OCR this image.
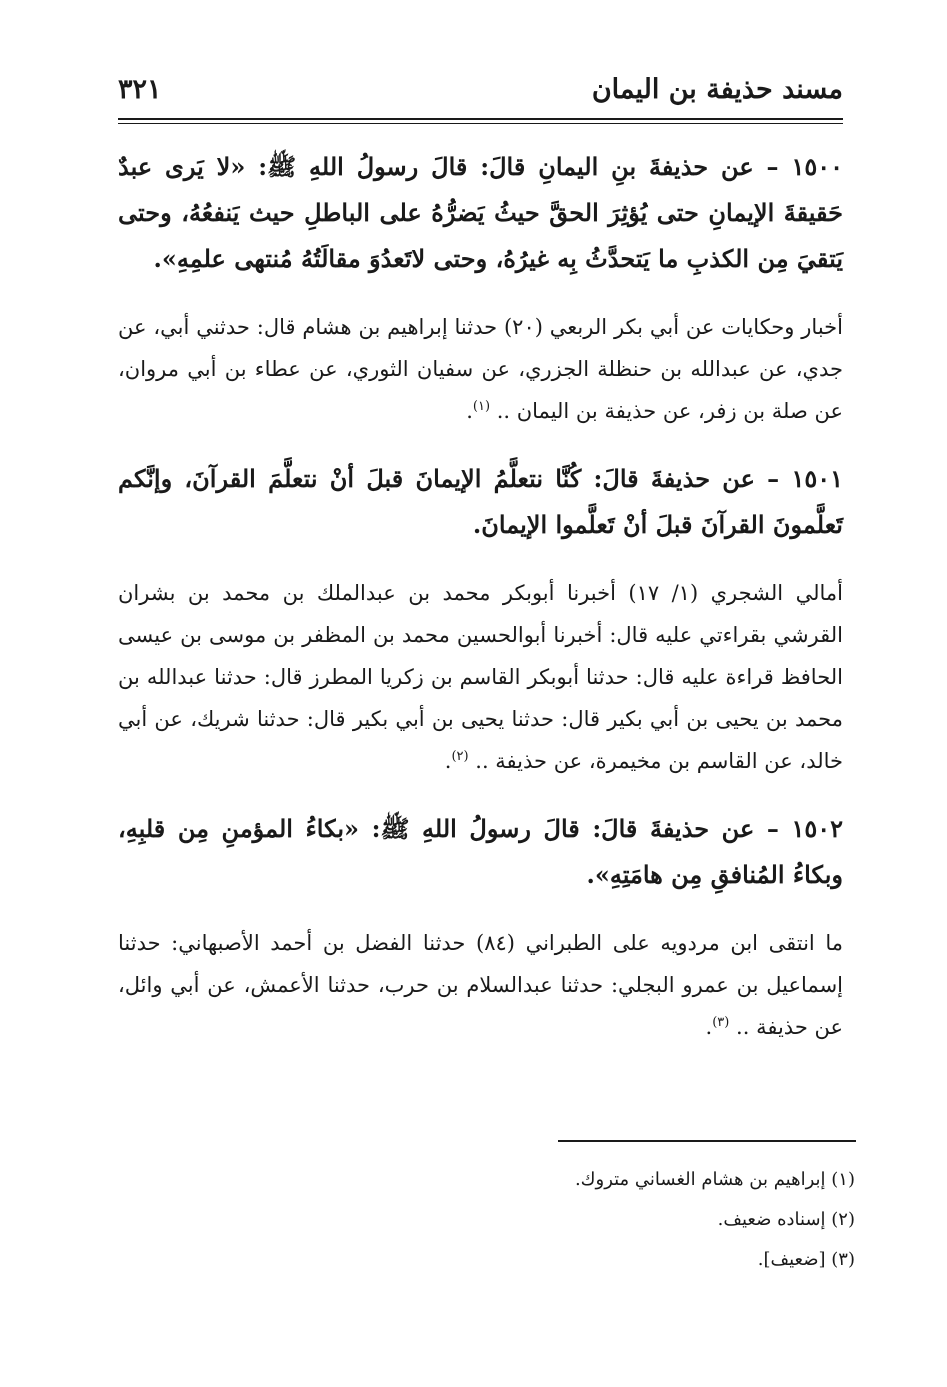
مسند حذيفة بن اليمان
٣٢١

١٥٠٠ – عن حذيفةَ بنِ اليمانِ قالَ: قالَ رسولُ اللهِ ﷺ: «لا يَرى عبدٌ حَقيقةَ الإيمانِ حتى يُؤثِرَ الحقَّ حيثُ يَضرُّهُ على الباطلِ حيث يَنفعُهُ، وحتى يَتقيَ مِن الكذبِ ما يَتحدَّثُ بِه غيرُهُ، وحتى لاتَعدُوَ مقالَتُهُ مُنتهى علمِهِ».

أخبار وحكايات عن أبي بكر الربعي (٢٠) حدثنا إبراهيم بن هشام قال: حدثني أبي، عن جدي، عن عبدالله بن حنظلة الجزري، عن سفيان الثوري، عن عطاء بن أبي مروان، عن صلة بن زفر، عن حذيفة بن اليمان .. $^{(١)}$.

١٥٠١ – عن حذيفةَ قالَ: كُنَّا نتعلَّمُ الإيمانَ قبلَ أنْ نتعلَّمَ القرآنَ، وإنَّكم تَعلَّمونَ القرآنَ قبلَ أنْ تَعلَّموا الإيمانَ.

أمالي الشجري (١/ ١٧) أخبرنا أبوبكر محمد بن عبدالملك بن محمد بن بشران القرشي بقراءتي عليه قال: أخبرنا أبوالحسين محمد بن المظفر بن موسى بن عيسى الحافظ قراءة عليه قال: حدثنا أبوبكر القاسم بن زكريا المطرز قال: حدثنا عبدالله بن محمد بن يحيى بن أبي بكير قال: حدثنا يحيى بن أبي بكير قال: حدثنا شريك، عن أبي خالد، عن القاسم بن مخيمرة، عن حذيفة .. $^{(٢)}$.

١٥٠٢ – عن حذيفةَ قالَ: قالَ رسولُ اللهِ ﷺ: «بكاءُ المؤمنِ مِن قلبِهِ، وبكاءُ المُنافقِ مِن هامَتِهِ».

ما انتقى ابن مردويه على الطبراني (٨٤) حدثنا الفضل بن أحمد الأصبهاني: حدثنا إسماعيل بن عمرو البجلي: حدثنا عبدالسلام بن حرب، حدثنا الأعمش، عن أبي وائل، عن حذيفة .. $^{(٣)}$.

(١) إبراهيم بن هشام الغساني متروك.
(٢) إسناده ضعيف.
(٣) [ضعيف].
